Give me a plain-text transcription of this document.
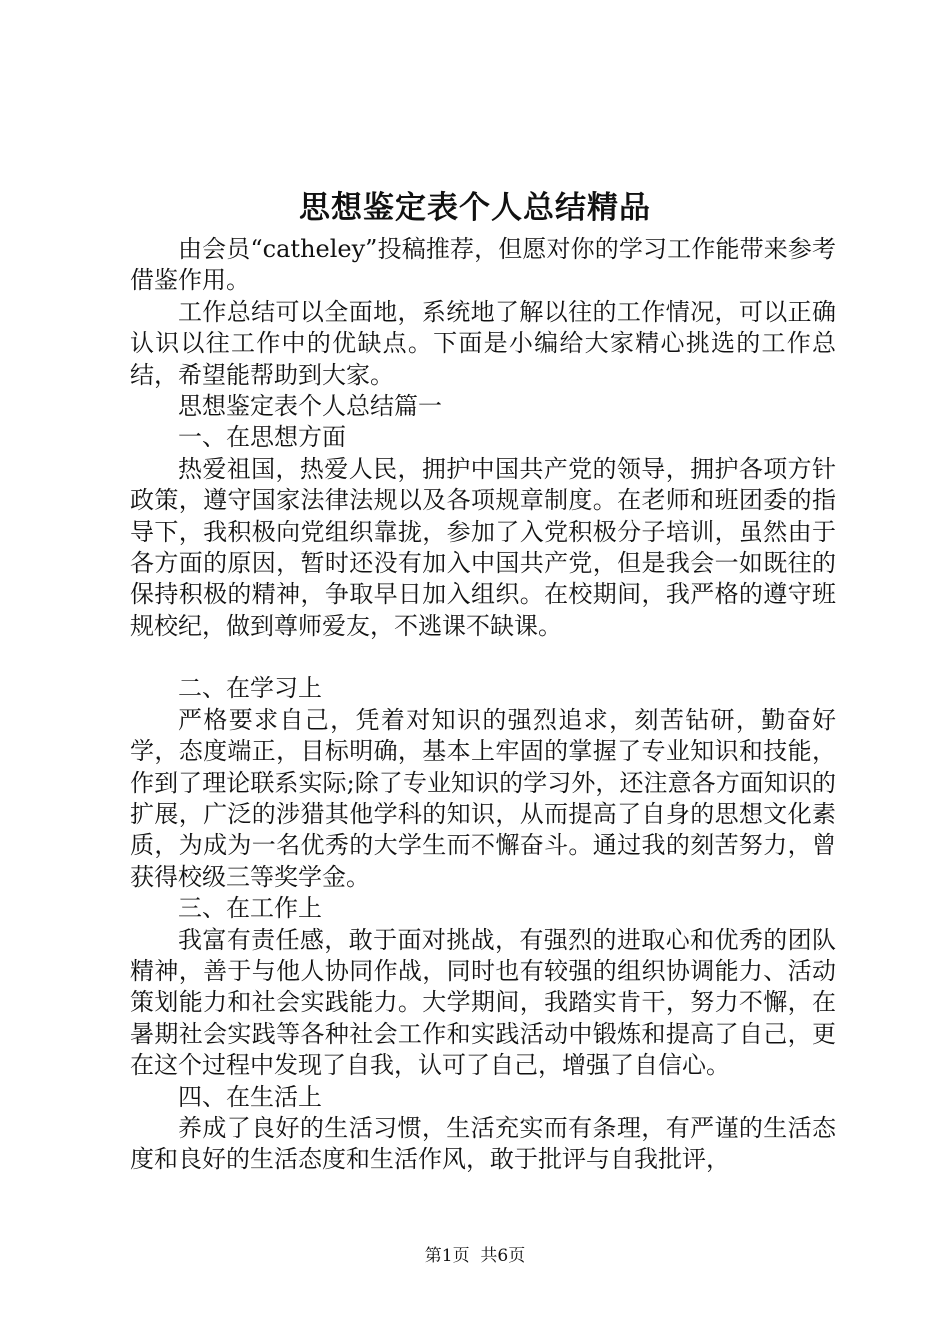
思想鉴定表个人总结精品

由会员“catheley”投稿推荐，但愿对你的学习工作能带来参考借鉴作用。

工作总结可以全面地，系统地了解以往的工作情况，可以正确认识以往工作中的优缺点。下面是小编给大家精心挑选的工作总结，希望能帮助到大家。

思想鉴定表个人总结篇一

一、在思想方面

热爱祖国，热爱人民，拥护中国共产党的领导，拥护各项方针政策，遵守国家法律法规以及各项规章制度。在老师和班团委的指导下，我积极向党组织靠拢，参加了入党积极分子培训，虽然由于各方面的原因，暂时还没有加入中国共产党，但是我会一如既往的保持积极的精神，争取早日加入组织。在校期间，我严格的遵守班规校纪，做到尊师爱友，不逃课不缺课。

二、在学习上

严格要求自己，凭着对知识的强烈追求，刻苦钻研，勤奋好学，态度端正，目标明确，基本上牢固的掌握了专业知识和技能，作到了理论联系实际;除了专业知识的学习外，还注意各方面知识的扩展，广泛的涉猎其他学科的知识，从而提高了自身的思想文化素质，为成为一名优秀的大学生而不懈奋斗。通过我的刻苦努力，曾获得校级三等奖学金。

三、在工作上

我富有责任感，敢于面对挑战，有强烈的进取心和优秀的团队精神，善于与他人协同作战，同时也有较强的组织协调能力、活动策划能力和社会实践能力。大学期间，我踏实肯干，努力不懈，在暑期社会实践等各种社会工作和实践活动中锻炼和提高了自己，更在这个过程中发现了自我，认可了自己，增强了自信心。

四、在生活上

养成了良好的生活习惯，生活充实而有条理，有严谨的生活态度和良好的生活态度和生活作风，敢于批评与自我批评，

第1页 共6页
